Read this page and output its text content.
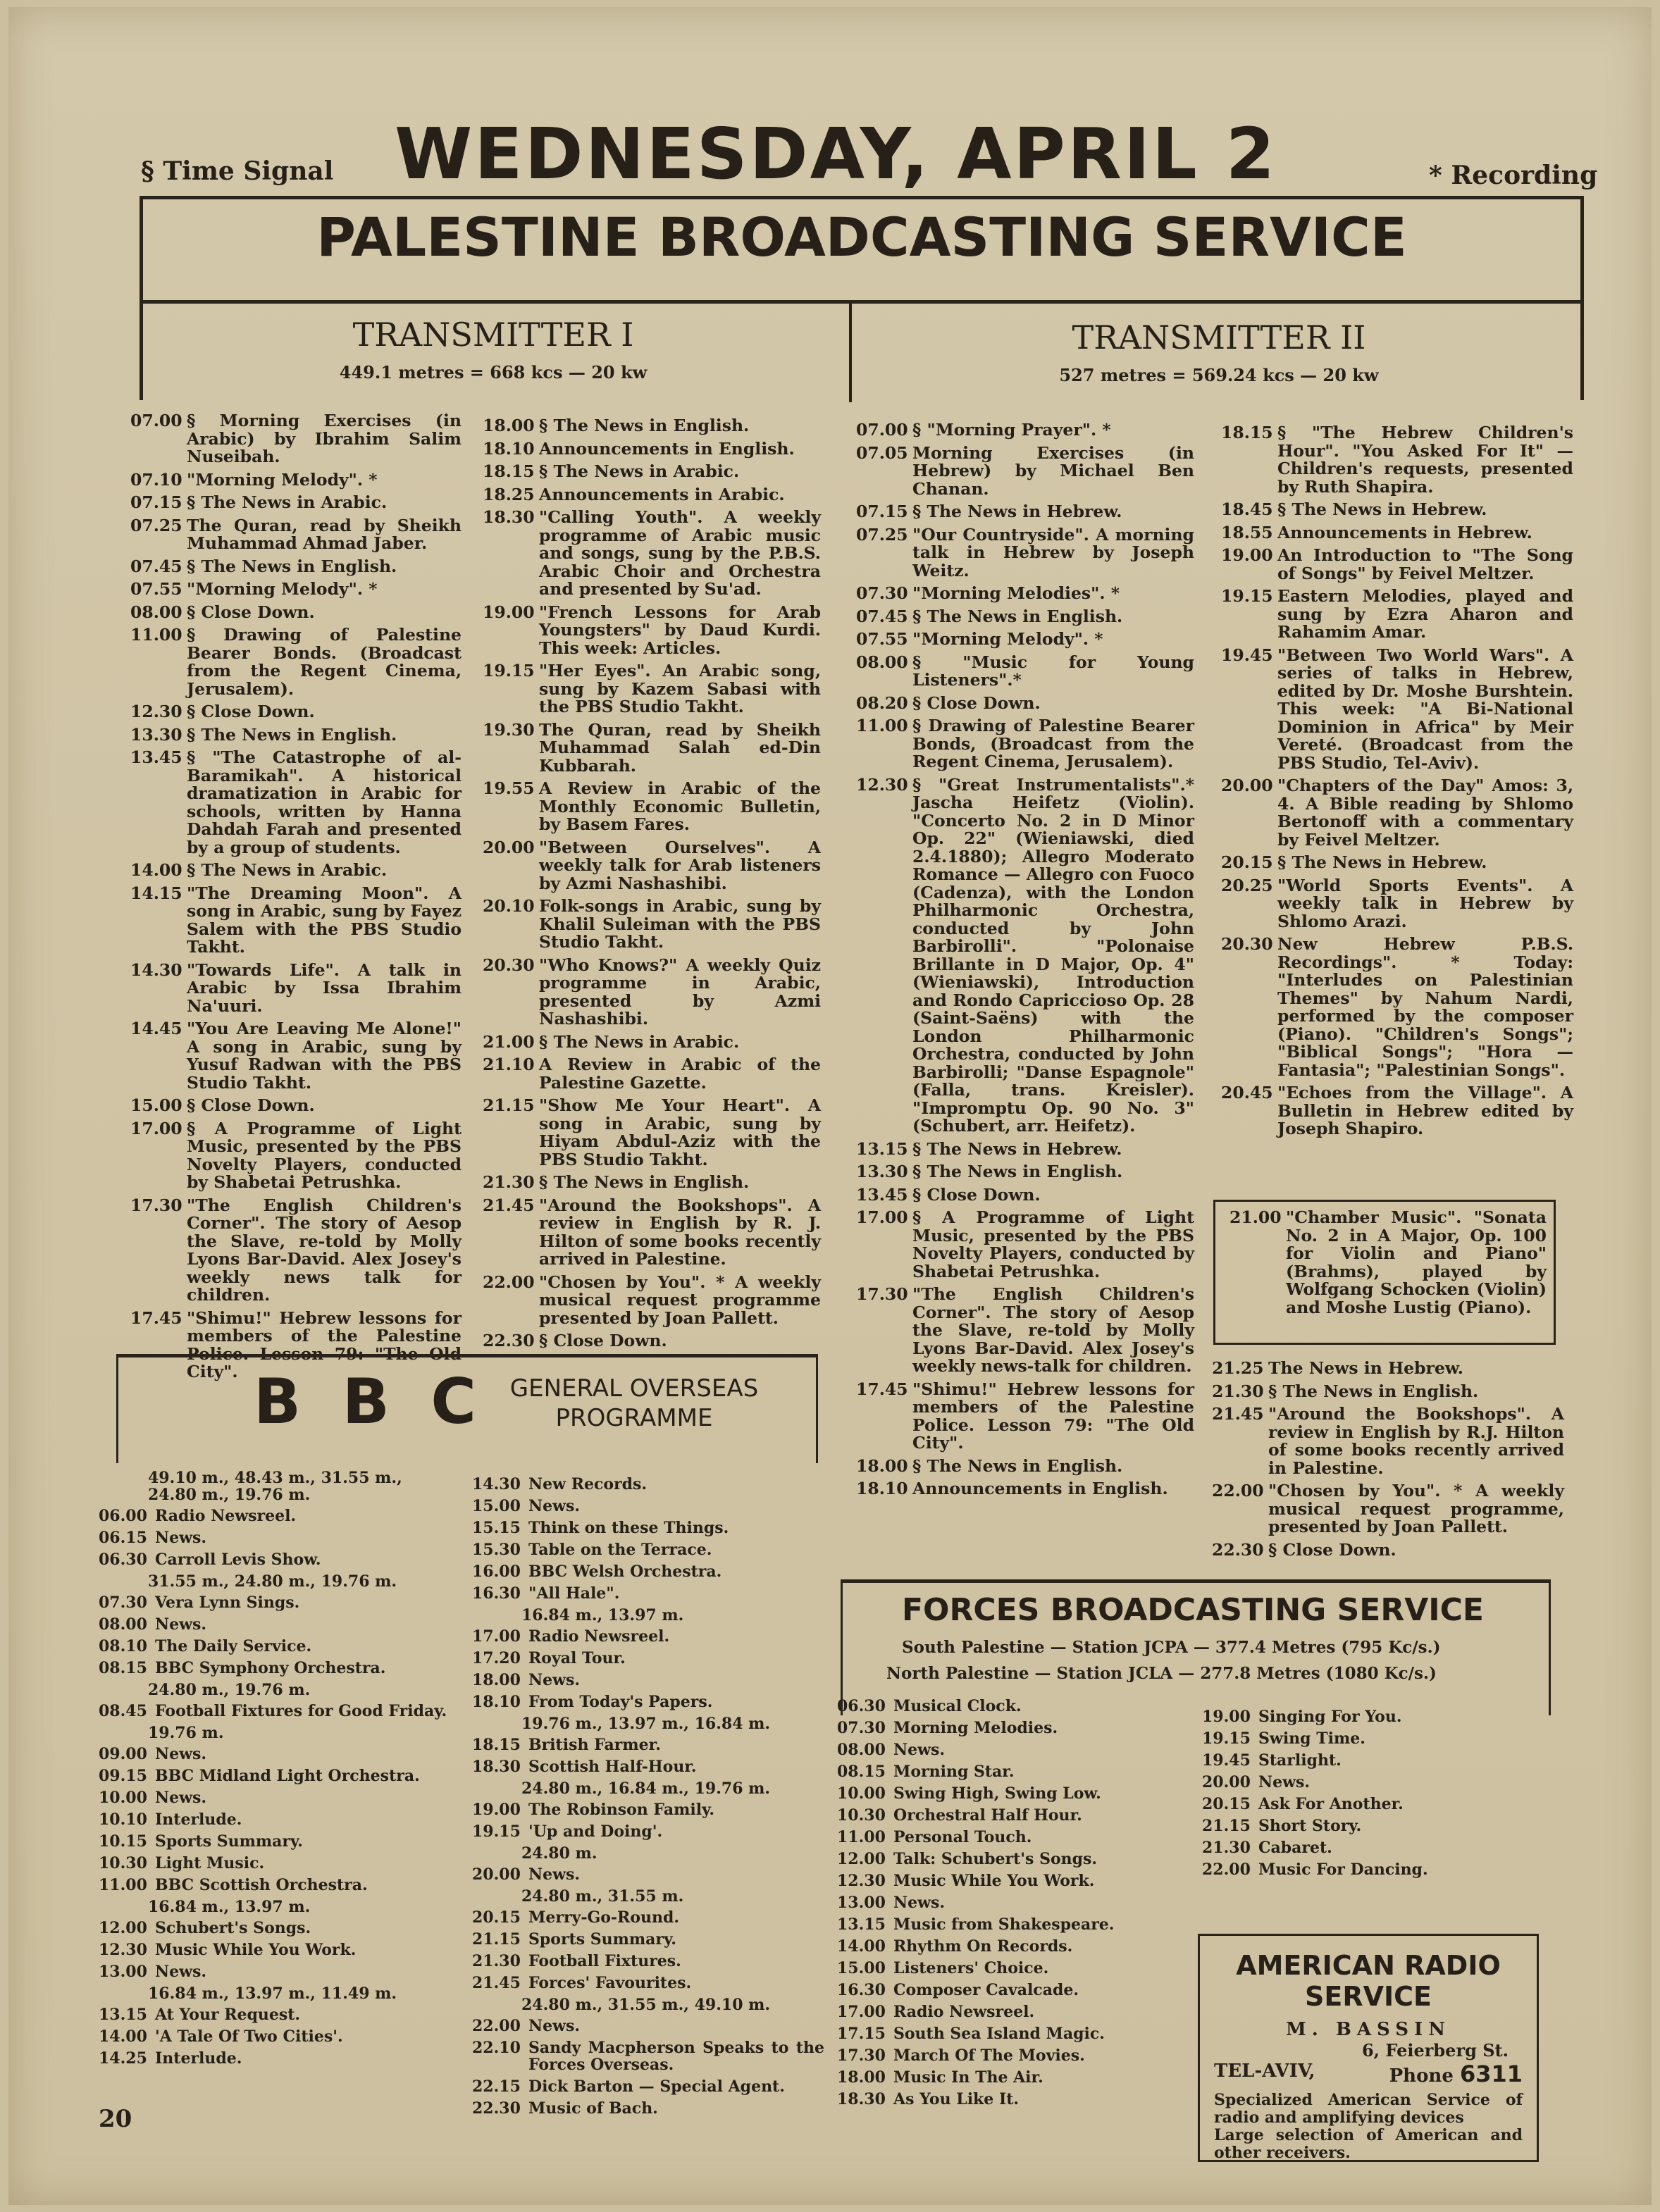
§ Time Signal WEDNESDAY, APRIL 2	* Recording
PALESTINE BROADCASTING SERVICE
TRANSMITTER I
449.1 metres = 668 kcs — 20 kw
TRANSMITTER II
527 metres = 569.24 kcs — 20 kw
07.00 § Morning Exercises (in Arabic) by Ibrahim Salim Nuseibah.
07.10 "Morning Melody". *
07.15 § The News in Arabic.
07.25 The Quran, read by Sheikh Muhammad Ahmad Jaber.
07.45 § The News in English.
07.55 "Morning Melody". *
08.00 § Close Down.
11.00 § Drawing of Palestine Bearer Bonds. (Broadcast from the Regent Cinema, Jerusalem).
12.30 § Close Down.
13.30 § The News in English.
13.45 § "The Catastrophe of al-Baramikah". A historical dramatization in Arabic for schools, written by Hanna Dahdah Farah and presented by a group of students.
14.00 § The News in Arabic.
14.15 "The Dreaming Moon". A song in Arabic, sung by Fayez Salem with the PBS Studio Takht.
14.30 "Towards Life". A talk in Arabic by Issa Ibrahim Na'uuri.
14.45 "You Are Leaving Me Alone!" A song in Arabic, sung by Yusuf Radwan with the PBS Studio Takht.
15.00 § Close Down.
17.00 § A Programme of Light Music, presented by the PBS Novelty Players, conducted by Shabetai Petrushka.
17.30 "The English Children's Corner". The story of Aesop the Slave, re-told by Molly Lyons Bar-David. Alex Josey's weekly news talk for children.
17.45 "Shimu!" Hebrew lessons for members of the Palestine Police. Lesson 79: "The Old City".
18.00 § The News in English.
18.10 Announcements in English.
18.15 § The News in Arabic.
18.25 Announcements in Arabic.
18.30 "Calling Youth". A weekly programme of Arabic music and songs, sung by the P.B.S. Arabic Choir and Orchestra and presented by Su'ad.
19.00 "French Lessons for Arab Youngsters" by Daud Kurdi. This week: Articles.
19.15 "Her Eyes". An Arabic song, sung by Kazem Sabasi with the PBS Studio Takht.
19.30 The Quran, read by Sheikh Muhammad Salah ed-Din Kubbarah.
19.55 A Review in Arabic of the Monthly Economic Bulletin, by Basem Fares.
20.00 "Between Ourselves". A weekly talk for Arab listeners by Azmi Nashashibi.
20.10 Folk-songs in Arabic, sung by Khalil Suleiman with the PBS Studio Takht.
20.30 "Who Knows?" A weekly Quiz programme in Arabic, presented by Azmi Nashashibi.
21.00 § The News in Arabic.
21.10 A Review in Arabic of the Palestine Gazette.
21.15 "Show Me Your Heart". A song in Arabic, sung by Hiyam Abdul-Aziz with the PBS Studio Takht.
21.30 § The News in English.
21.45 "Around the Bookshops". A review in English by R. J. Hilton of some books recently arrived in Palestine.
22.00 "Chosen by You". * A weekly musical request programme presented by Joan Pallett.
22.30 § Close Down.
07.00 § "Morning Prayer". *
07.05 Morning Exercises (in Hebrew) by Michael Ben Chanan.
07.15 § The News in Hebrew.
07.25 "Our Countryside". A morning talk in Hebrew by Joseph Weitz.
07.30 "Morning Melodies". *
07.45 § The News in English.
07.55 "Morning Melody". *
08.00 § "Music for Young Listeners".*
08.20 § Close Down.
11.00 § Drawing of Palestine Bearer Bonds, (Broadcast from the Regent Cinema, Jerusalem).
12.30 § "Great Instrumentalists".* Jascha Heifetz (Violin). "Concerto No. 2 in D Minor Op. 22" (Wieniawski, died 2.4.1880); Allegro Moderato Romance — Allegro con Fuoco (Cadenza), with the London Philharmonic Orchestra, conducted by John Barbirolli". "Polonaise Brillante in D Major, Op. 4" (Wieniawski), Introduction and Rondo Capriccioso Op. 28 (Saint-Saëns) with the London Philharmonic Orchestra, conducted by John Barbirolli; "Danse Espagnole" (Falla, trans. Kreisler). "Impromptu Op. 90 No. 3" (Schubert, arr. Heifetz).
13.15 § The News in Hebrew.
13.30 § The News in English.
13.45 § Close Down.
17.00 § A Programme of Light Music, presented by the PBS Novelty Players, conducted by Shabetai Petrushka.
17.30 "The English Children's Corner". The story of Aesop the Slave, re-told by Molly Lyons Bar-David. Alex Josey's weekly news-talk for children.
17.45 "Shimu!" Hebrew lessons for members of the Palestine Police. Lesson 79: "The Old City".
18.00 § The News in English.
18.10 Announcements in English.
18.15 § "The Hebrew Children's Hour". "You Asked For It" — Children's requests, presented by Ruth Shapira.
18.45 § The News in Hebrew.
18.55 Announcements in Hebrew.
19.00 An Introduction to "The Song of Songs" by Feivel Meltzer.
19.15 Eastern Melodies, played and sung by Ezra Aharon and Rahamim Amar.
19.45 "Between Two World Wars". A series of talks in Hebrew, edited by Dr. Moshe Burshtein. This week: "A Bi-National Dominion in Africa" by Meir Vereté. (Broadcast from the PBS Studio, Tel-Aviv).
20.00 "Chapters of the Day" Amos: 3, 4. A Bible reading by Shlomo Bertonoff with a commentary by Feivel Meltzer.
20.15 § The News in Hebrew.
20.25 "World Sports Events". A weekly talk in Hebrew by Shlomo Arazi.
20.30 New Hebrew P.B.S. Recordings". * Today: "Interludes on Palestinian Themes" by Nahum Nardi, performed by the composer (Piano). "Children's Songs"; "Biblical Songs"; "Hora — Fantasia"; "Palestinian Songs".
20.45 "Echoes from the Village". A Bulletin in Hebrew edited by Joseph Shapiro.
21.00 "Chamber Music". "Sonata No. 2 in A Major, Op. 100 for Violin and Piano" (Brahms), played by Wolfgang Schocken (Violin) and Moshe Lustig (Piano).
21.25 The News in Hebrew.
21.30 § The News in English.
21.45 "Around the Bookshops". A review in English by R.J. Hilton of some books recently arrived in Palestine.
22.00 "Chosen by You". * A weekly musical request programme, presented by Joan Pallett.
22.30 § Close Down.
B B C GENERAL OVERSEAS
PROGRAMME
49.10 m., 48.43 m., 31.55 m., 24.80 m., 19.76 m.
06.00 Radio Newsreel.
06.15 News.
06.30 Carroll Levis Show.
31.55 m., 24.80 m., 19.76 m.
07.30 Vera Lynn Sings.
08.00 News.
08.10 The Daily Service.
08.15 BBC Symphony Orchestra.
24.80 m., 19.76 m.
08.45 Football Fixtures for Good Friday.
19.76 m.
09.00 News.
09.15 BBC Midland Light Orchestra.
10.00 News.
10.10 Interlude.
10.15 Sports Summary.
10.30 Light Music.
11.00 BBC Scottish Orchestra.
16.84 m., 13.97 m.
12.00 Schubert's Songs.
12.30 Music While You Work.
13.00 News.
16.84 m., 13.97 m., 11.49 m.
13.15 At Your Request.
14.00 'A Tale Of Two Cities'.
14.25 Interlude.
14.30 New Records.
15.00 News.
15.15 Think on these Things.
15.30 Table on the Terrace.
16.00 BBC Welsh Orchestra.
16.30 "All Hale".
16.84 m., 13.97 m.
17.00 Radio Newsreel.
17.20 Royal Tour.
18.00 News.
18.10 From Today's Papers.
19.76 m., 13.97 m., 16.84 m.
18.15 British Farmer.
18.30 Scottish Half-Hour.
24.80 m., 16.84 m., 19.76 m.
19.00 The Robinson Family.
19.15 'Up and Doing'.
24.80 m.
20.00 News.
24.80 m., 31.55 m.
20.15 Merry-Go-Round.
21.15 Sports Summary.
21.30 Football Fixtures.
21.45 Forces' Favourites.
24.80 m., 31.55 m., 49.10 m.
22.00 News.
22.10 Sandy Macpherson Speaks to the Forces Overseas.
22.15 Dick Barton — Special Agent.
22.30 Music of Bach.
FORCES BROADCASTING SERVICE
South Palestine — Station JCPA — 377.4 Metres (795 Kc/s.)
North Palestine — Station JCLA — 277.8 Metres (1080 Kc/s.)
06.30 Musical Clock.
07.30 Morning Melodies.
08.00 News.
08.15 Morning Star.
10.00 Swing High, Swing Low.
10.30 Orchestral Half Hour.
11.00 Personal Touch.
12.00 Talk: Schubert's Songs.
12.30 Music While You Work.
13.00 News.
13.15 Music from Shakespeare.
14.00 Rhythm On Records.
15.00 Listeners' Choice.
16.30 Composer Cavalcade.
17.00 Radio Newsreel.
17.15 South Sea Island Magic.
17.30 March Of The Movies.
18.00 Music In The Air.
18.30 As You Like It.
19.00 Singing For You.
19.15 Swing Time.
19.45 Starlight.
20.00 News.
20.15 Ask For Another.
21.15 Short Story.
21.30 Cabaret.
22.00 Music For Dancing.
AMERICAN RADIO SERVICE
M. BASSIN
6, Feierberg St.
TEL-AVIV,	Phone 6311
Specialized American Service of radio and amplifying devices
Large selection of American and other receivers.
20
